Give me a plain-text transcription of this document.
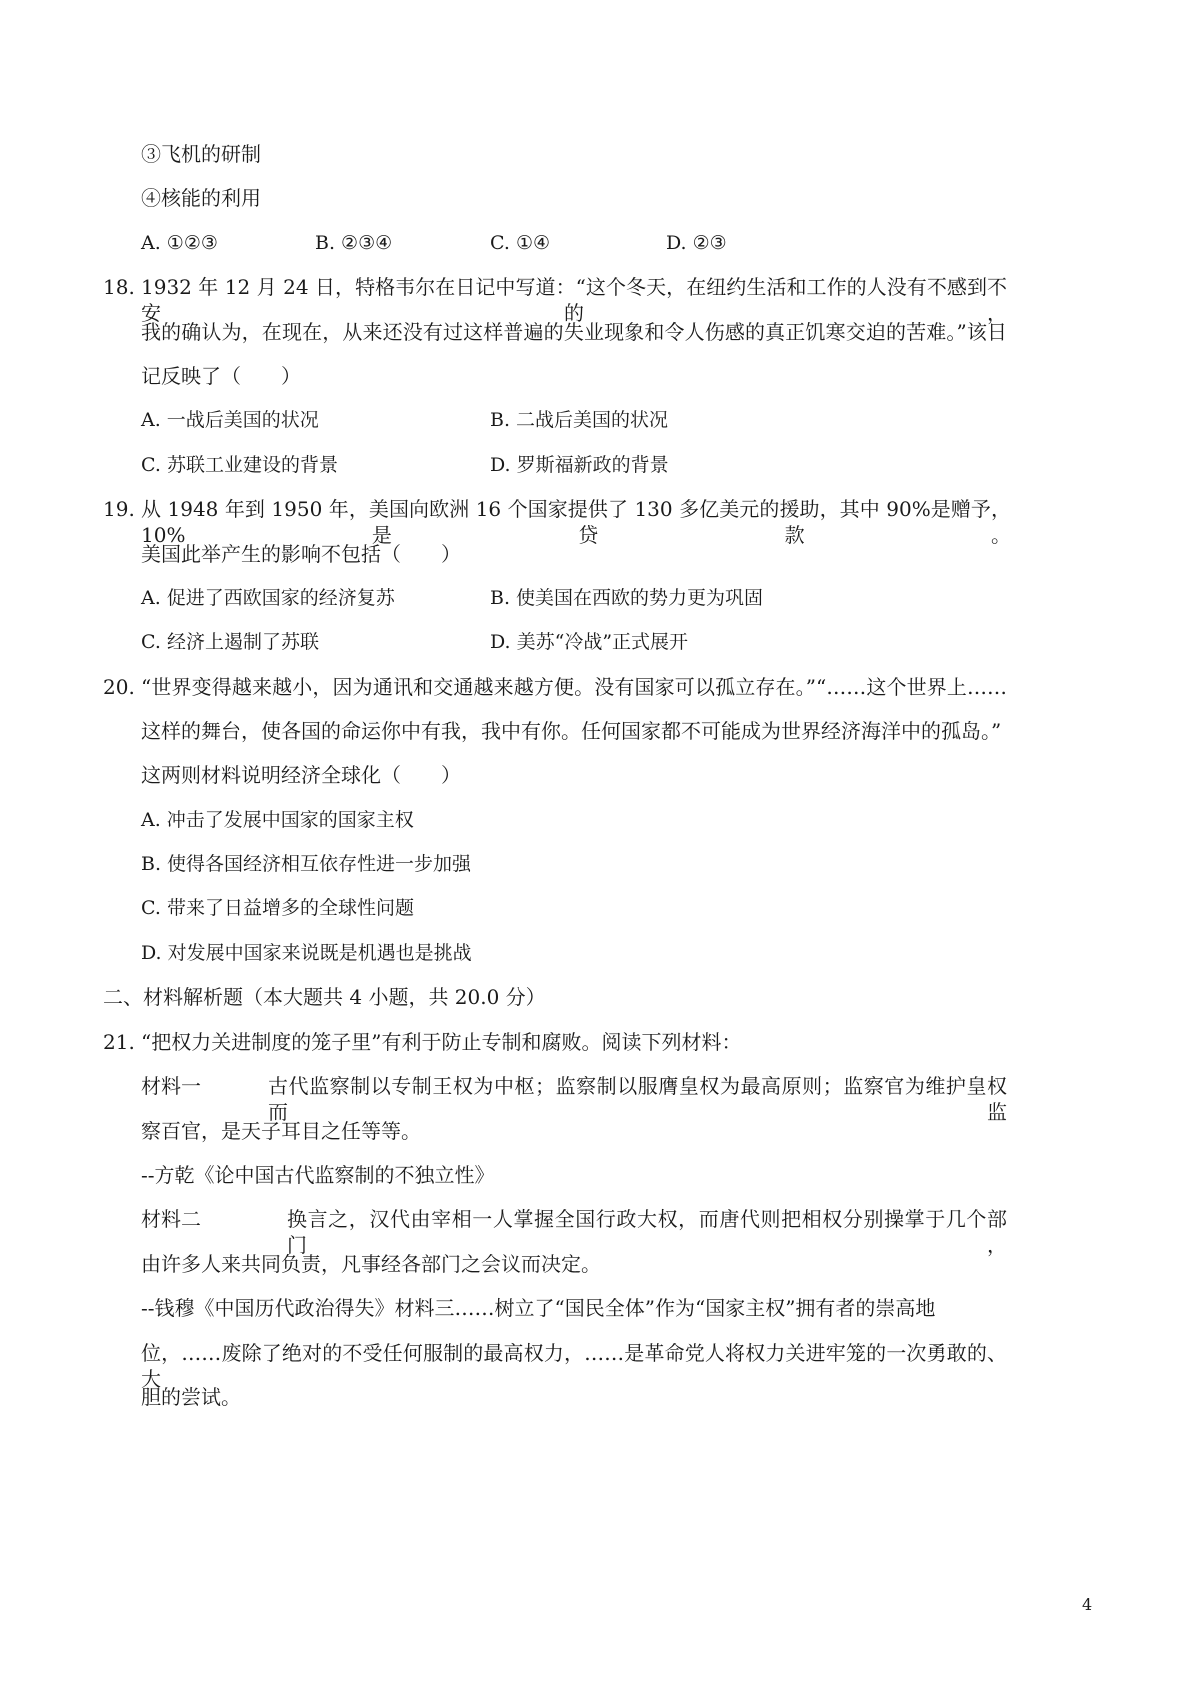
③飞机的研制
④核能的利用
A. ①②③	B. ②③④	C. ①④	D. ②③
18. 1932 年 12 月 24 日，特格韦尔在日记中写道：“这个冬天，在纽约生活和工作的人没有不感到不安的，
我的确认为，在现在，从来还没有过这样普遍的失业现象和令人伤感的真正饥寒交迫的苦难。”该日
记反映了（　　）
A. 一战后美国的状况	B. 二战后美国的状况
C. 苏联工业建设的背景	D. 罗斯福新政的背景
19. 从 1948 年到 1950 年，美国向欧洲 16 个国家提供了 130 多亿美元的援助，其中 90%是赠予，10%是贷款。
美国此举产生的影响不包括（　　）
A. 促进了西欧国家的经济复苏	B. 使美国在西欧的势力更为巩固
C. 经济上遏制了苏联	D. 美苏“冷战”正式展开
20. “世界变得越来越小，因为通讯和交通越来越方便。没有国家可以孤立存在。”“……这个世界上……
这样的舞台，使各国的命运你中有我，我中有你。任何国家都不可能成为世界经济海洋中的孤岛。”
这两则材料说明经济全球化（　　）
A. 冲击了发展中国家的国家主权
B. 使得各国经济相互依存性进一步加强
C. 带来了日益增多的全球性问题
D. 对发展中国家来说既是机遇也是挑战
二、材料解析题（本大题共 4 小题，共 20.0 分）
21. “把权力关进制度的笼子里”有利于防止专制和腐败。阅读下列材料：
材料一	古代监察制以专制王权为中枢；监察制以服膺皇权为最高原则；监察官为维护皇权而监
察百官，是天子耳目之任等等。
--方乾《论中国古代监察制的不独立性》
材料二	换言之，汉代由宰相一人掌握全国行政大权，而唐代则把相权分别操掌于几个部门，
由许多人来共同负责，凡事经各部门之会议而决定。
--钱穆《中国历代政治得失》材料三……树立了“国民全体”作为“国家主权”拥有者的崇高地
位，……废除了绝对的不受任何服制的最高权力，……是革命党人将权力关进牢笼的一次勇敢的、大
胆的尝试。
4
